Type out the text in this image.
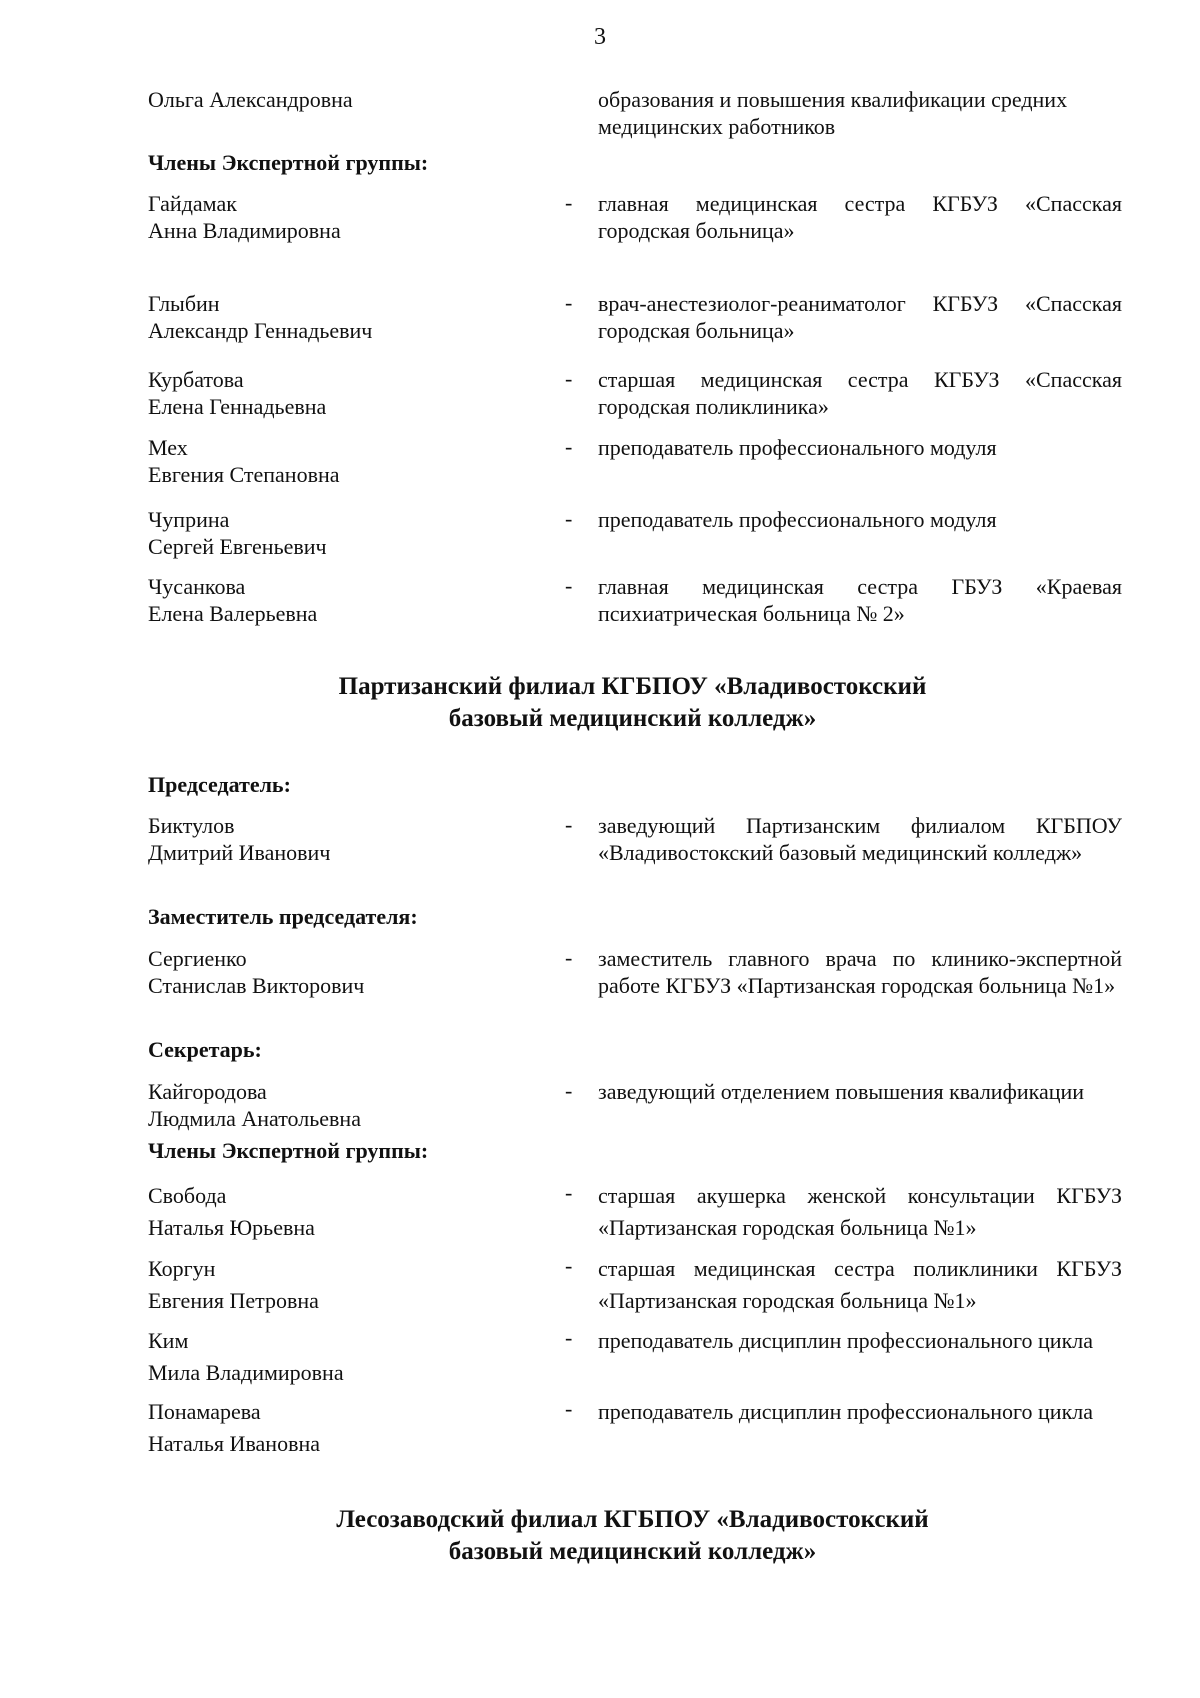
3
Ольга Александровна	образования и повышения квалификации средних
медицинских работников
Члены Экспертной группы:
Гайдамак
Анна Владимировна
- главная медицинская сестра КГБУЗ «Спасская городская больница»
Глыбин
Александр Геннадьевич
- врач-анестезиолог-реаниматолог КГБУЗ «Спасская городская больница»
Курбатова
Елена Геннадьевна
- старшая медицинская сестра КГБУЗ «Спасская городская поликлиника»
Мех
Евгения Степановна
- преподаватель профессионального модуля
Чуприна
Сергей Евгеньевич
- преподаватель профессионального модуля
Чусанкова
Елена Валерьевна
- главная медицинская сестра ГБУЗ «Краевая психиатрическая больница № 2»
Партизанский филиал КГБПОУ «Владивостокский
базовый медицинский колледж»
Председатель:
Биктулов
Дмитрий Иванович
- заведующий Партизанским филиалом КГБПОУ «Владивостокский базовый медицинский колледж»
Заместитель председателя:
Сергиенко
Станислав Викторович
- заместитель главного врача по клинико-экспертной работе КГБУЗ «Партизанская городская больница №1»
Секретарь:
Кайгородова
Людмила Анатольевна
- заведующий отделением повышения квалификации
Члены Экспертной группы:
Свобода
Наталья Юрьевна
- старшая акушерка женской консультации КГБУЗ «Партизанская городская больница №1»
Коргун
Евгения Петровна
- старшая медицинская сестра поликлиники КГБУЗ «Партизанская городская больница №1»
Ким
Мила Владимировна
- преподаватель дисциплин профессионального цикла
Понамарева
Наталья Ивановна
- преподаватель дисциплин профессионального цикла
Лесозаводский филиал КГБПОУ «Владивостокский
базовый медицинский колледж»
